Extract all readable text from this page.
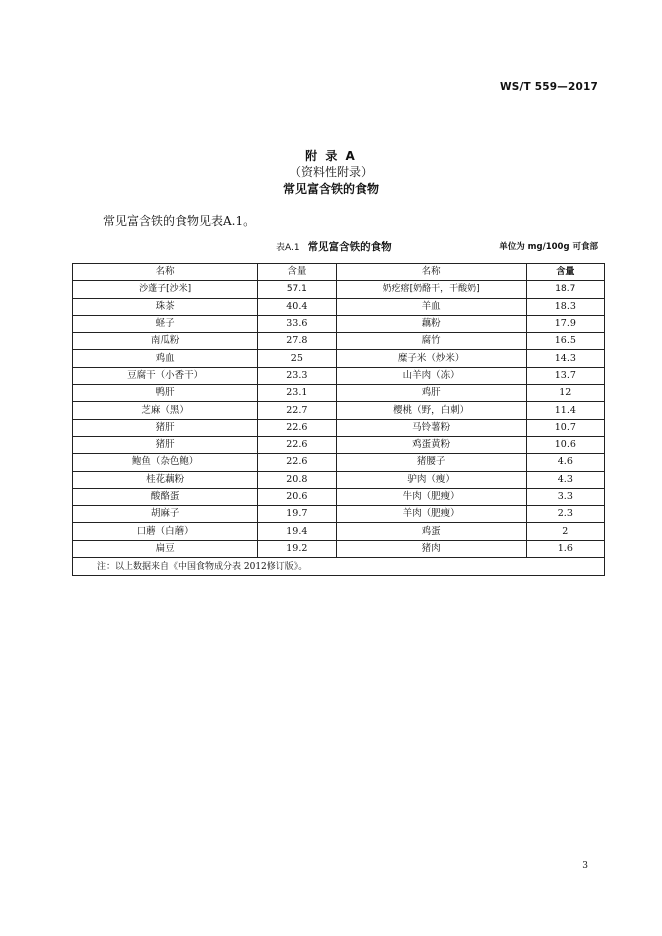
WS/T 559—2017
附 录 A
（资料性附录）
常见富含铁的食物
常见富含铁的食物见表A.1。
表A.1 常见富含铁的食物	单位为 mg/100g 可食部
名称	含量	名称	含量
沙蓬子[沙米]	57.1	奶疙瘩[奶酪干，干酸奶]	18.7
珠茶	40.4	羊血	18.3
蛏子	33.6	藕粉	17.9
南瓜粉	27.8	腐竹	16.5
鸡血	25	糜子米（炒米）	14.3
豆腐干（小香干）	23.3	山羊肉（冻）	13.7
鸭肝	23.1	鸡肝	12
芝麻（黑）	22.7	樱桃（野，白刺）	11.4
猪肝	22.6	马铃薯粉	10.7
猪肝	22.6	鸡蛋黄粉	10.6
鲍鱼（杂色鲍）	22.6	猪腰子	4.6
桂花藕粉	20.8	驴肉（瘦）	4.3
酸酪蛋	20.6	牛肉（肥瘦）	3.3
胡麻子	19.7	羊肉（肥瘦）	2.3
口蘑（白蘑）	19.4	鸡蛋	2
扁豆	19.2	猪肉	1.6
注：以上数据来自《中国食物成分表 2012修订版》。			
3
